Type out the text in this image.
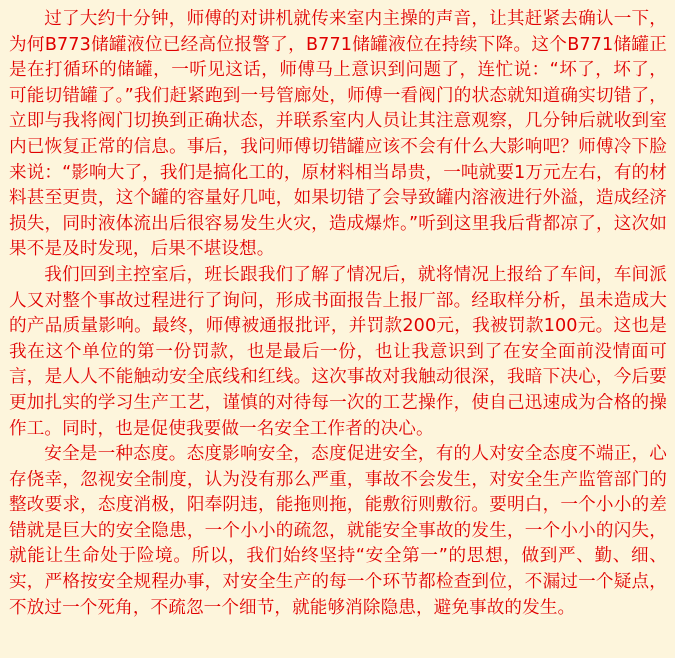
过了大约十分钟，师傅的对讲机就传来室内主操的声音，让其赶紧去确认一下，为何B773储罐液位已经高位报警了，B771储罐液位在持续下降。这个B771储罐正是在打循环的储罐，一听见这话，师傅马上意识到问题了，连忙说：“坏了，坏了，可能切错罐了。”我们赶紧跑到一号管廊处，师傅一看阀门的状态就知道确实切错了，立即与我将阀门切换到正确状态，并联系室内人员让其注意观察，几分钟后就收到室内已恢复正常的信息。事后，我问师傅切错罐应该不会有什么大影响吧？师傅冷下脸来说：“影响大了，我们是搞化工的，原材料相当昂贵，一吨就要1万元左右，有的材料甚至更贵，这个罐的容量好几吨，如果切错了会导致罐内溶液进行外溢，造成经济损失，同时液体流出后很容易发生火灾，造成爆炸。”听到这里我后背都凉了，这次如果不是及时发现，后果不堪设想。

我们回到主控室后，班长跟我们了解了情况后，就将情况上报给了车间，车间派人又对整个事故过程进行了询问，形成书面报告上报厂部。经取样分析，虽未造成大的产品质量影响。最终，师傅被通报批评，并罚款200元，我被罚款100元。这也是我在这个单位的第一份罚款，也是最后一份，也让我意识到了在安全面前没情面可言，是人人不能触动安全底线和红线。这次事故对我触动很深，我暗下决心，今后要更加扎实的学习生产工艺，谨慎的对待每一次的工艺操作，使自己迅速成为合格的操作工。同时，也是促使我要做一名安全工作者的决心。

安全是一种态度。态度影响安全，态度促进安全，有的人对安全态度不端正，心存侥幸，忽视安全制度，认为没有那么严重，事故不会发生，对安全生产监管部门的整改要求，态度消极，阳奉阴违，能拖则拖，能敷衍则敷衍。要明白，一个小小的差错就是巨大的安全隐患，一个小小的疏忽，就能安全事故的发生，一个小小的闪失，就能让生命处于险境。所以，我们始终坚持“安全第一”的思想，做到严、勤、细、实，严格按安全规程办事，对安全生产的每一个环节都检查到位，不漏过一个疑点，不放过一个死角，不疏忽一个细节，就能够消除隐患，避免事故的发生。
